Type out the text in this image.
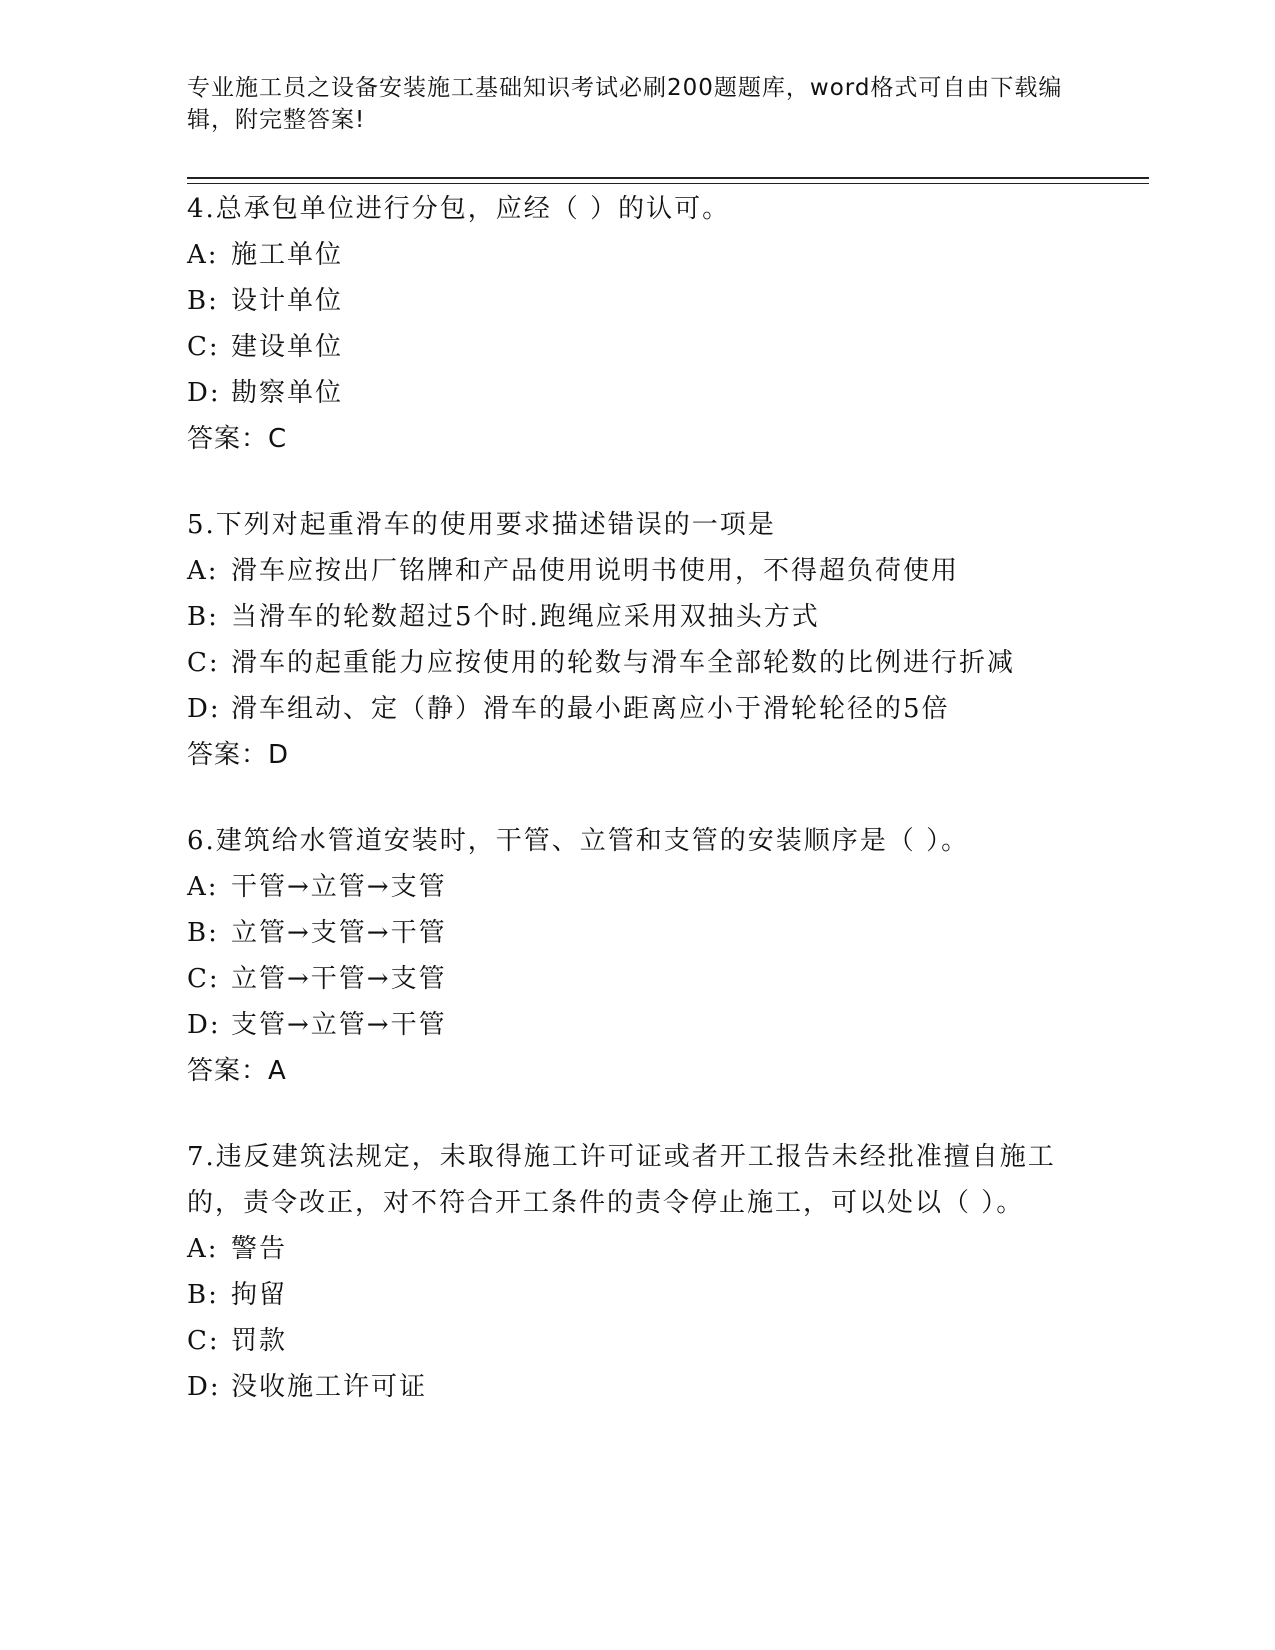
专业施工员之设备安装施工基础知识考试必刷200题题库，word格式可自由下载编辑，附完整答案!

4.总承包单位进行分包，应经（ ）的认可。

A: 施工单位
B: 设计单位
C: 建设单位
D: 勘察单位

答案：C

5.下列对起重滑车的使用要求描述错误的一项是

A: 滑车应按出厂铭牌和产品使用说明书使用，不得超负荷使用
B: 当滑车的轮数超过5个时.跑绳应采用双抽头方式
C: 滑车的起重能力应按使用的轮数与滑车全部轮数的比例进行折减
D: 滑车组动、定（静）滑车的最小距离应小于滑轮轮径的5倍

答案：D

6.建筑给水管道安装时，干管、立管和支管的安装顺序是（ ）。

A: 干管→立管→支管
B: 立管→支管→干管
C: 立管→干管→支管
D: 支管→立管→干管

答案：A

7.违反建筑法规定，未取得施工许可证或者开工报告未经批准擅自施工的，责令改正，对不符合开工条件的责令停止施工，可以处以（ ）。

A: 警告
B: 拘留
C: 罚款
D: 没收施工许可证
